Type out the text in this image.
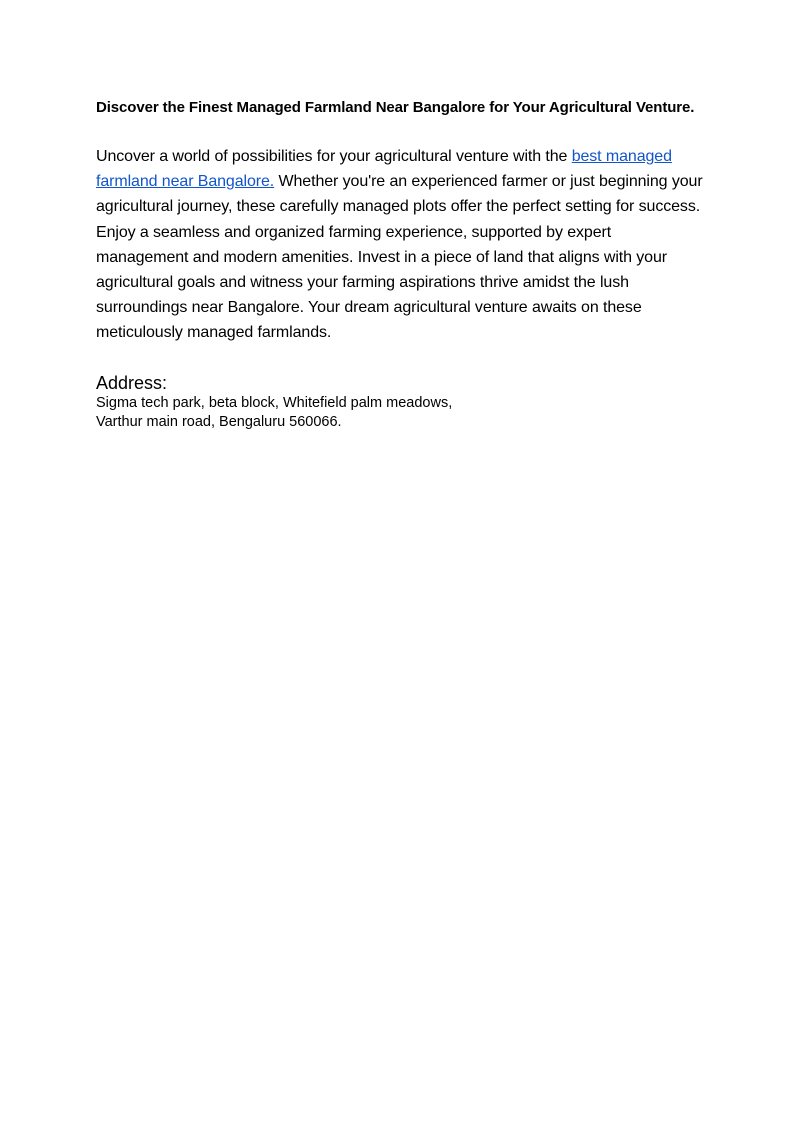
Discover the Finest Managed Farmland Near Bangalore for Your Agricultural Venture.

Uncover a world of possibilities for your agricultural venture with the best managed farmland near Bangalore. Whether you're an experienced farmer or just beginning your agricultural journey, these carefully managed plots offer the perfect setting for success. Enjoy a seamless and organized farming experience, supported by expert management and modern amenities. Invest in a piece of land that aligns with your agricultural goals and witness your farming aspirations thrive amidst the lush surroundings near Bangalore. Your dream agricultural venture awaits on these meticulously managed farmlands.

Address:
Sigma tech park, beta block, Whitefield palm meadows,
Varthur main road, Bengaluru 560066.
